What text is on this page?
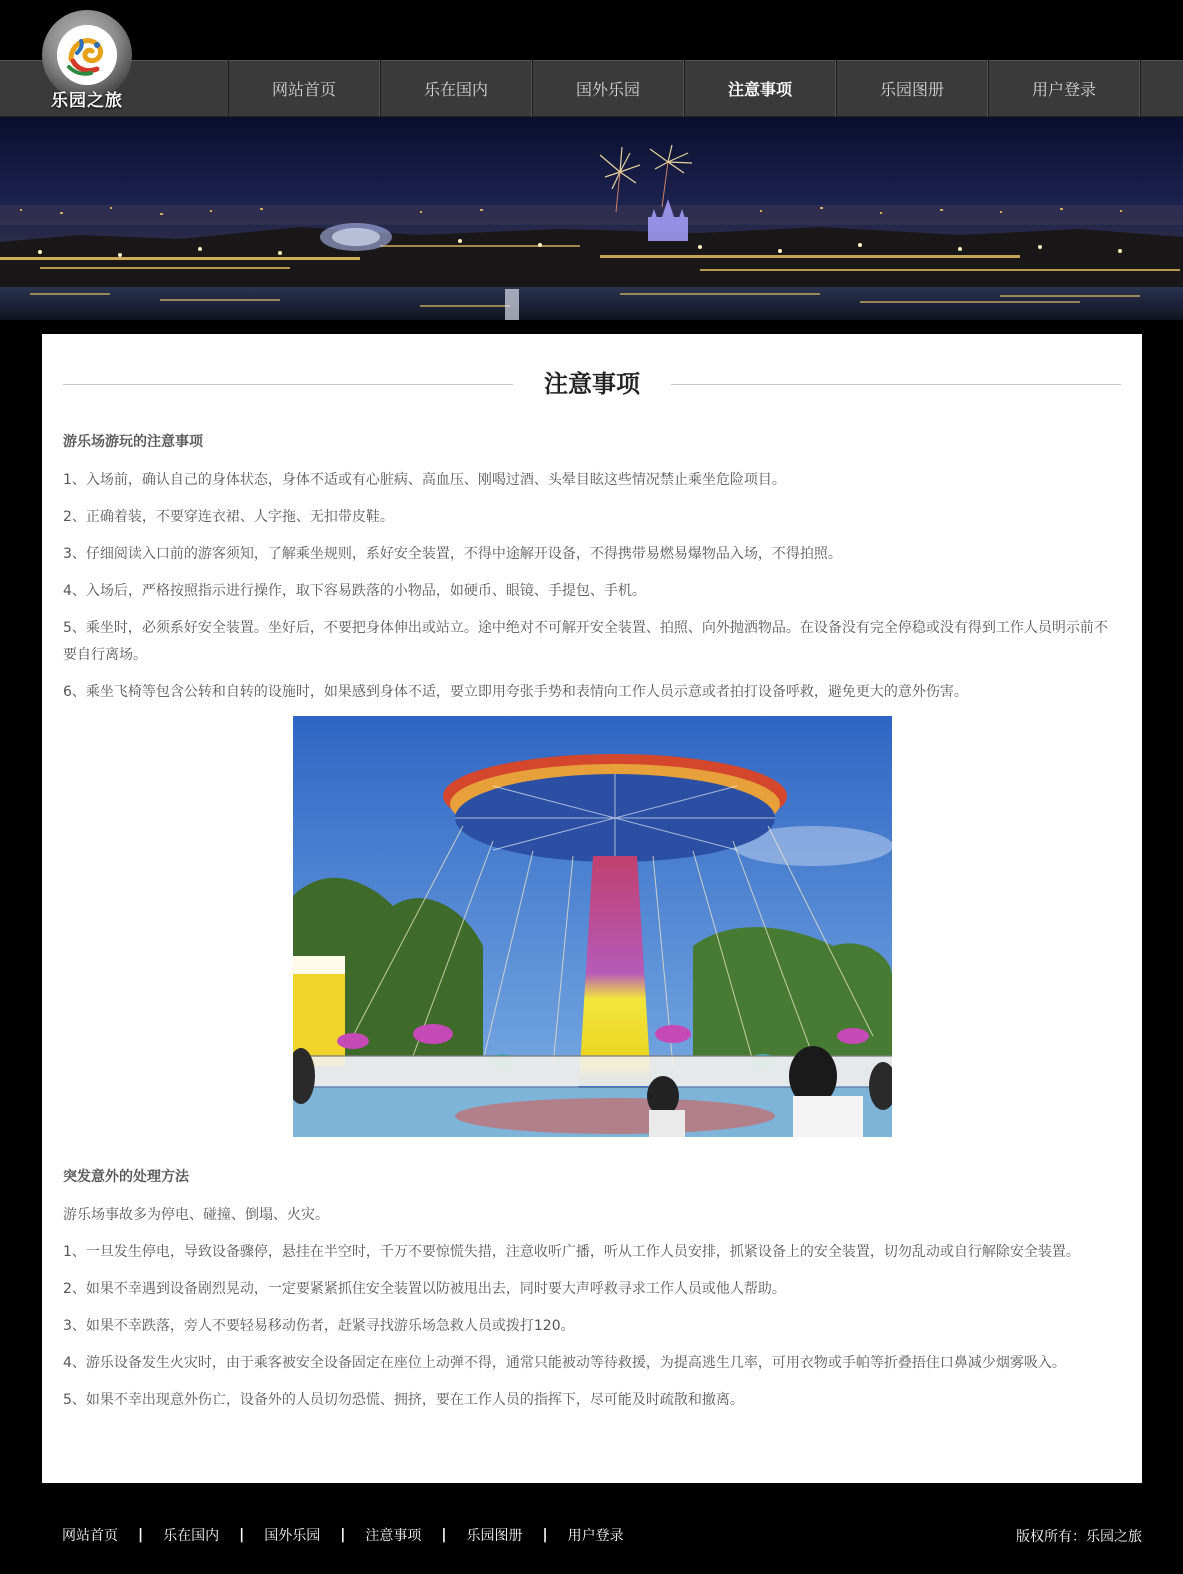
乐园之旅
网站首页	乐在国内	国外乐园	注意事项	乐园图册	用户登录
注意事项
游乐场游玩的注意事项

1、入场前，确认自己的身体状态，身体不适或有心脏病、高血压、刚喝过酒、头晕目眩这些情况禁止乘坐危险项目。

2、正确着装，不要穿连衣裙、人字拖、无扣带皮鞋。

3、仔细阅读入口前的游客须知，了解乘坐规则，系好安全装置，不得中途解开设备，不得携带易燃易爆物品入场，不得拍照。

4、入场后，严格按照指示进行操作，取下容易跌落的小物品，如硬币、眼镜、手提包、手机。

5、乘坐时，必须系好安全装置。坐好后，不要把身体伸出或站立。途中绝对不可解开安全装置、拍照、向外抛洒物品。在设备没有完全停稳或没有得到工作人员明示前不要自行离场。

6、乘坐飞椅等包含公转和自转的设施时，如果感到身体不适，要立即用夸张手势和表情向工作人员示意或者拍打设备呼救，避免更大的意外伤害。

突发意外的处理方法

游乐场事故多为停电、碰撞、倒塌、火灾。

1、一旦发生停电，导致设备骤停，悬挂在半空时，千万不要惊慌失措，注意收听广播，听从工作人员安排，抓紧设备上的安全装置，切勿乱动或自行解除安全装置。

2、如果不幸遇到设备剧烈晃动，一定要紧紧抓住安全装置以防被甩出去，同时要大声呼救寻求工作人员或他人帮助。

3、如果不幸跌落，旁人不要轻易移动伤者，赶紧寻找游乐场急救人员或拨打120。

4、游乐设备发生火灾时，由于乘客被安全设备固定在座位上动弹不得，通常只能被动等待救援，为提高逃生几率，可用衣物或手帕等折叠捂住口鼻减少烟雾吸入。

5、如果不幸出现意外伤亡，设备外的人员切勿恐慌、拥挤，要在工作人员的指挥下，尽可能及时疏散和撤离。

网站首页 | 乐在国内 | 国外乐园 | 注意事项 | 乐园图册 | 用户登录	版权所有：乐园之旅
